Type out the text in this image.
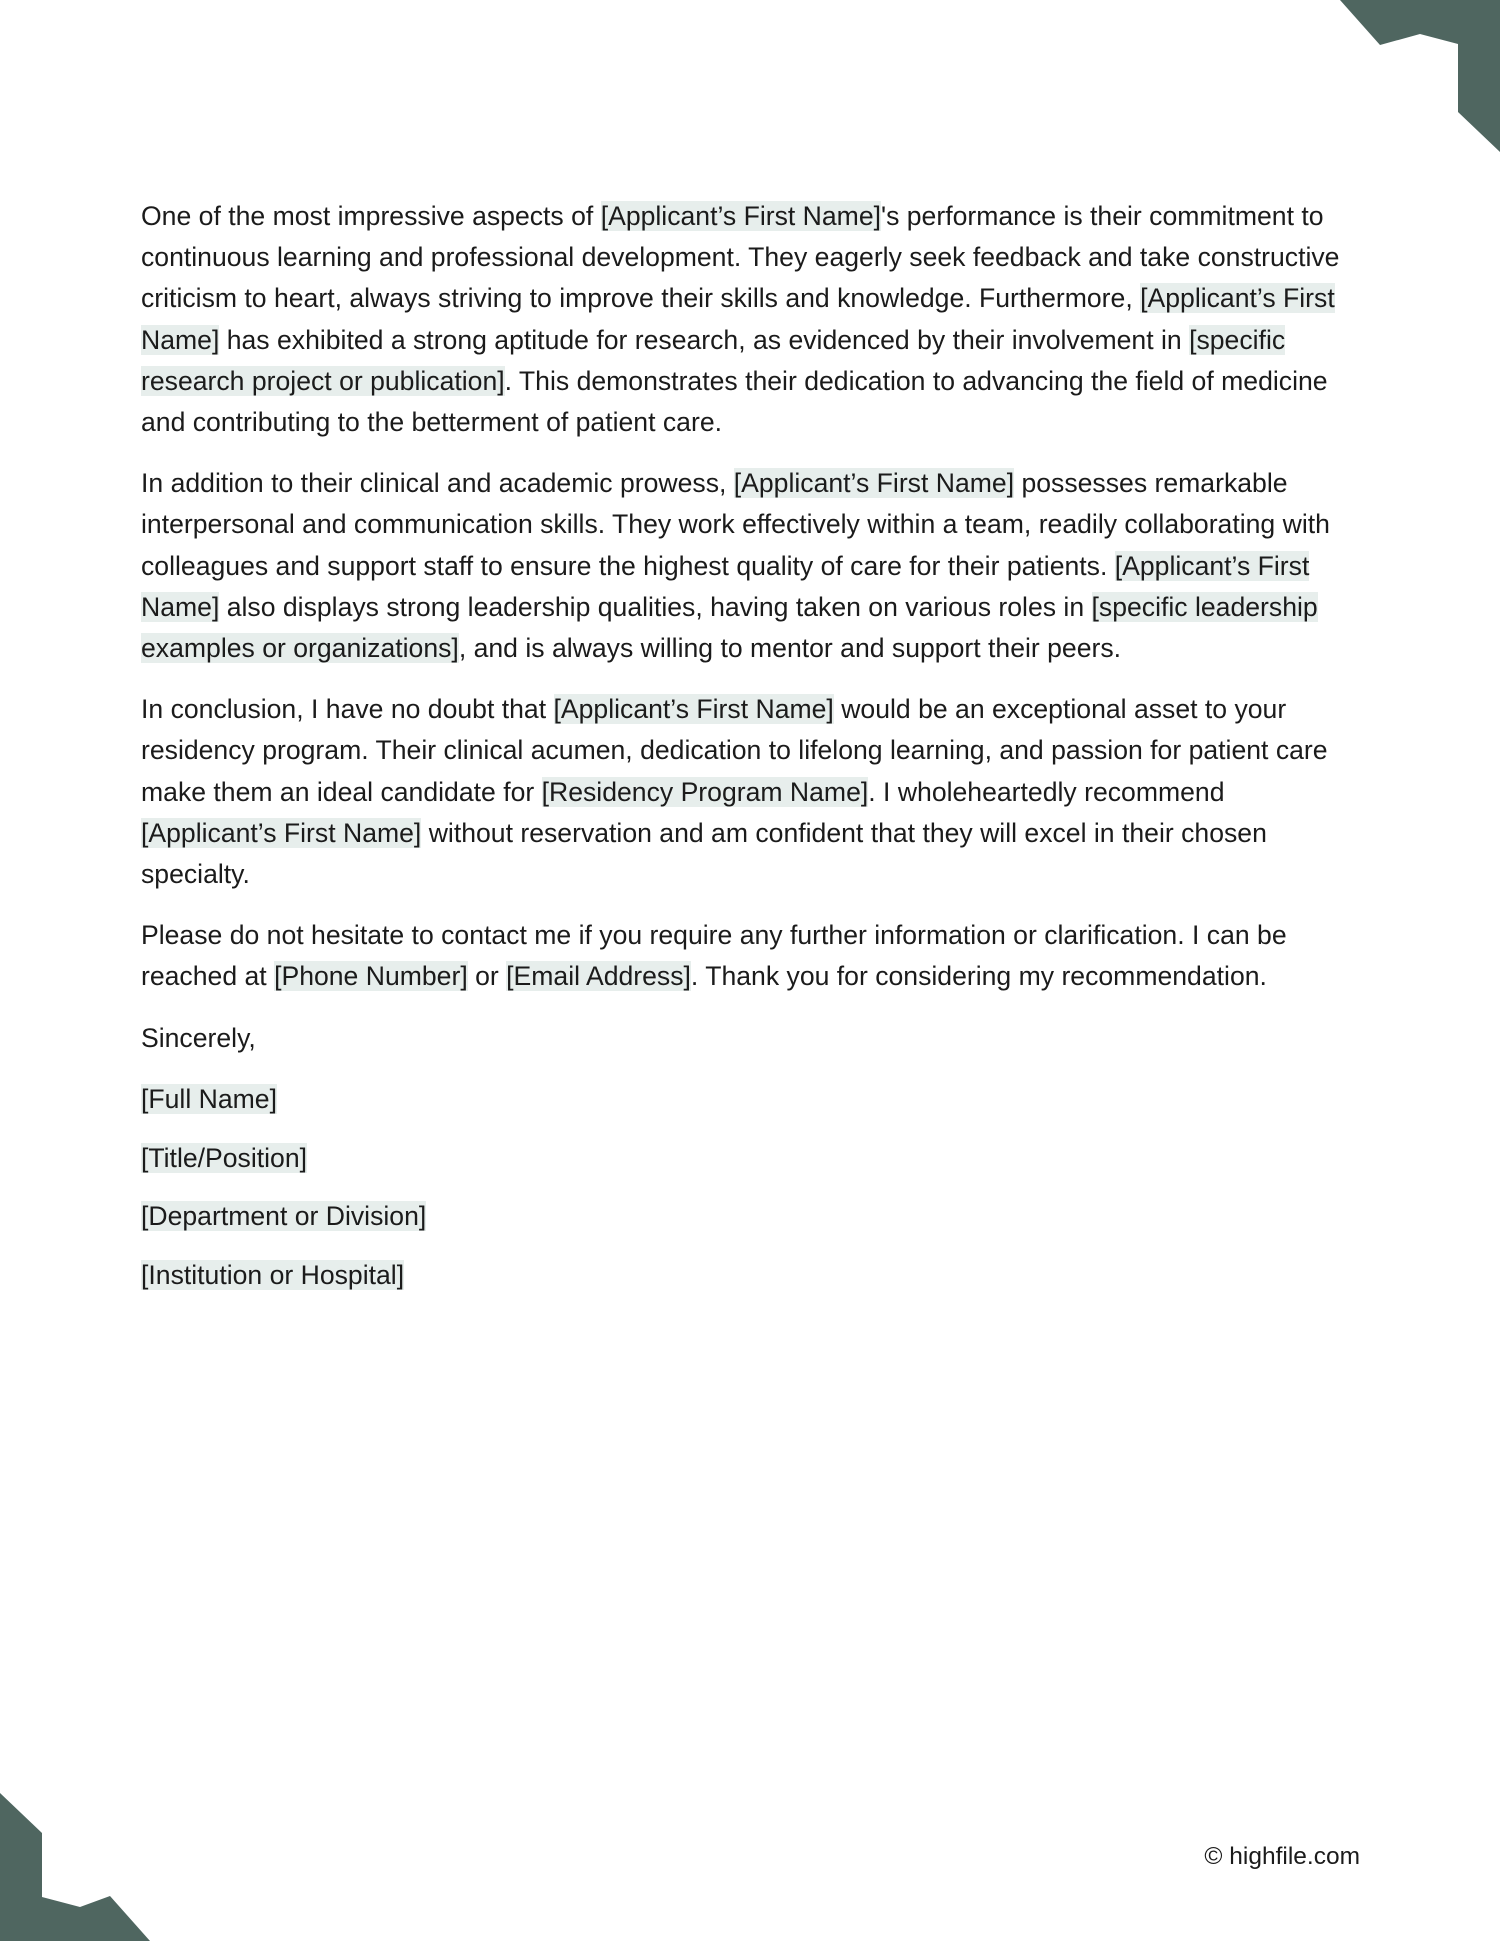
One of the most impressive aspects of [Applicant’s First Name]'s performance is their commitment to continuous learning and professional development. They eagerly seek feedback and take constructive criticism to heart, always striving to improve their skills and knowledge. Furthermore, [Applicant’s First Name] has exhibited a strong aptitude for research, as evidenced by their involvement in [specific research project or publication]. This demonstrates their dedication to advancing the field of medicine and contributing to the betterment of patient care.

In addition to their clinical and academic prowess, [Applicant’s First Name] possesses remarkable interpersonal and communication skills. They work effectively within a team, readily collaborating with colleagues and support staff to ensure the highest quality of care for their patients. [Applicant’s First Name] also displays strong leadership qualities, having taken on various roles in [specific leadership examples or organizations], and is always willing to mentor and support their peers.

In conclusion, I have no doubt that [Applicant’s First Name] would be an exceptional asset to your residency program. Their clinical acumen, dedication to lifelong learning, and passion for patient care make them an ideal candidate for [Residency Program Name]. I wholeheartedly recommend [Applicant’s First Name] without reservation and am confident that they will excel in their chosen specialty.

Please do not hesitate to contact me if you require any further information or clarification. I can be reached at [Phone Number] or [Email Address]. Thank you for considering my recommendation.

Sincerely,

[Full Name]
[Title/Position]
[Department or Division]
[Institution or Hospital]
© highfile.com
